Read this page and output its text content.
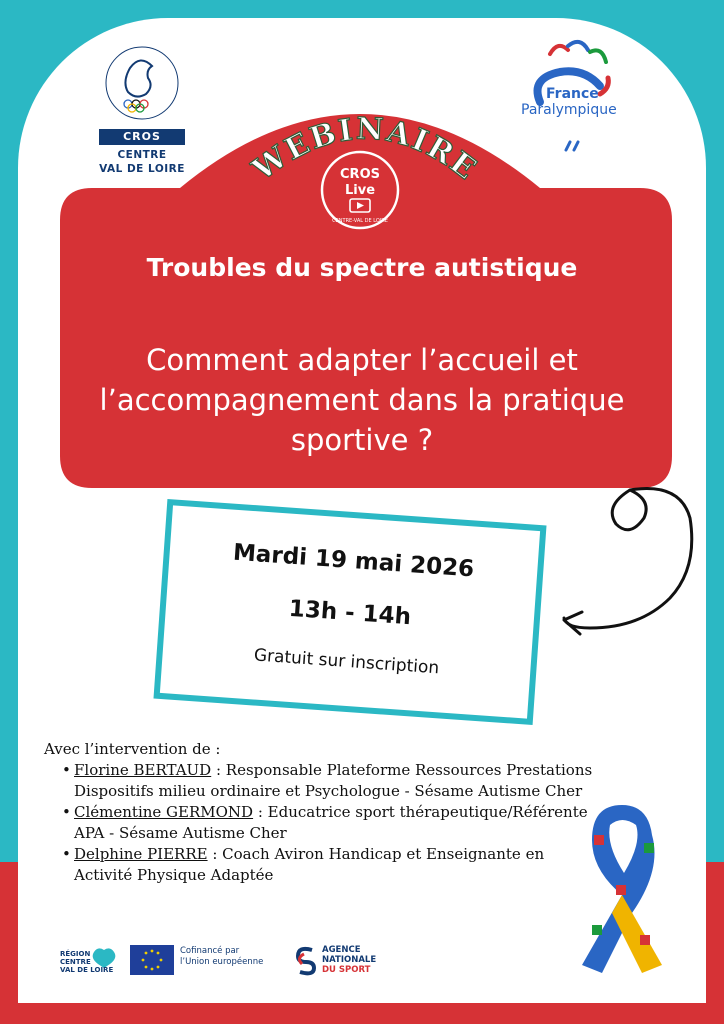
CROS
CENTRE
VAL DE LOIRE
France
Paralympique
WEBINAIRE
CROS
Live
CENTRE-VAL DE LOIRE
Troubles du spectre autistique
Comment adapter l’accueil et l’accompagnement dans la pratique sportive ?
Mardi 19 mai 2026
13h - 14h
Gratuit sur inscription
Avec l’intervention de :
• Florine BERTAUD : Responsable Plateforme Ressources Prestations Dispositifs milieu ordinaire et Psychologue - Sésame Autisme Cher
• Clémentine GERMOND : Educatrice sport thérapeutique/Référente APA - Sésame Autisme Cher
• Delphine PIERRE : Coach Aviron Handicap et Enseignante en Activité Physique Adaptée
RÉGION
CENTRE
VAL DE LOIRE
Cofinancé par
l’Union européenne
AGENCE
NATIONALE
DU SPORT
